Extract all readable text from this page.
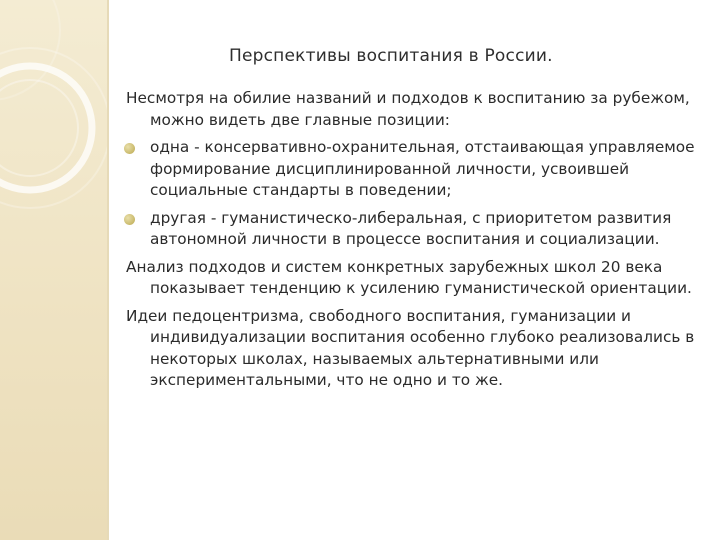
Перспективы воспитания в России.
Несмотря на обилие названий и подходов к воспитанию за рубежом, можно видеть две главные позиции:
одна - консервативно-охранительная, отстаивающая управляемое формирование дисциплинированной личности, усвоившей социальные стандарты в поведении;
другая - гуманистическо-либеральная, с приоритетом развития автономной личности в процессе воспитания и социализации.
Анализ подходов и систем конкретных зарубежных школ 20 века показывает тенденцию к усилению гуманистической ориентации.
Идеи педоцентризма, свободного воспитания, гуманизации и индивидуализации воспитания особенно глубоко реализовались в некоторых школах, называемых альтернативными или экспериментальными, что не одно и то же.
